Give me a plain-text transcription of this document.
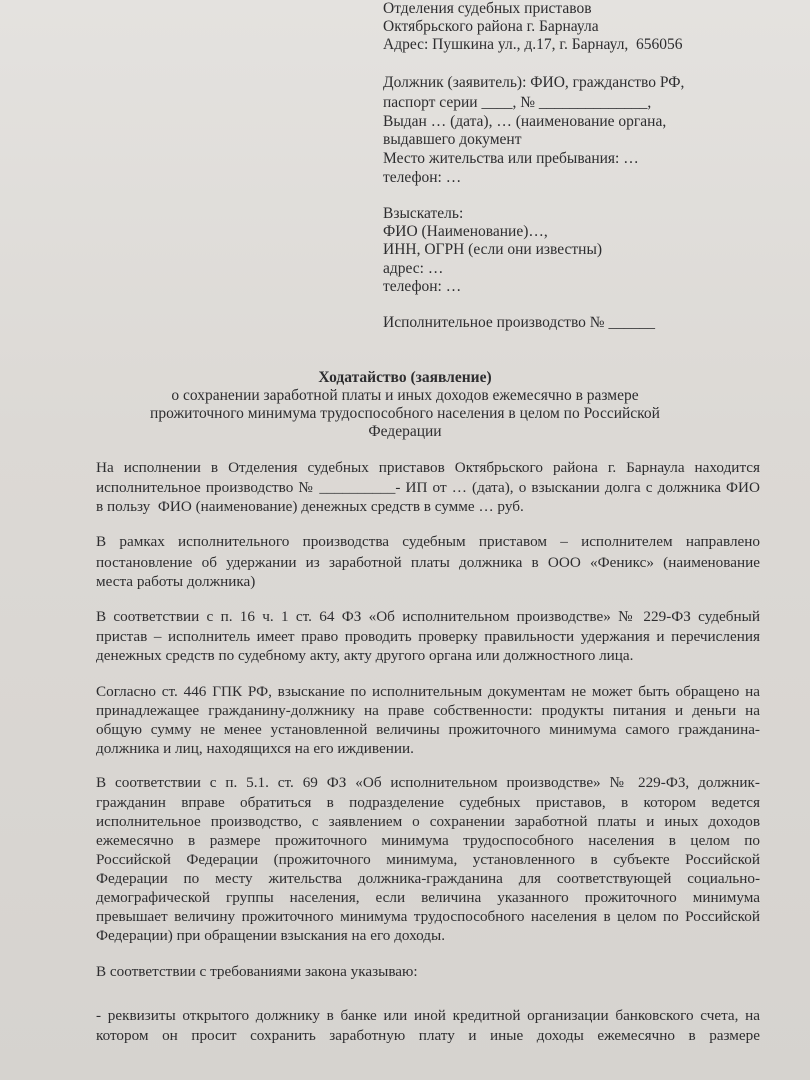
Отделения судебных приставов
Октябрьского района г. Барнаула
Адрес: Пушкина ул., д.17, г. Барнаул,  656056
Должник (заявитель): ФИО, гражданство РФ,
паспорт серии ____, № ______________,
Выдан … (дата), … (наименование органа,
выдавшего документ
Место жительства или пребывания: …
телефон: …
Взыскатель:
ФИО (Наименование)…,
ИНН, ОГРН (если они известны)
адрес: …
телефон: …
Исполнительное производство № ______
Ходатайство (заявление)
о сохранении заработной платы и иных доходов ежемесячно в размере
прожиточного минимума трудоспособного населения в целом по Российской
Федерации
На исполнении в Отделения судебных приставов Октябрьского района г. Барнаула находится
исполнительное производство № __________- ИП от … (дата), о взыскании долга с должника ФИО
в пользу  ФИО (наименование) денежных средств в сумме … руб.
В рамках исполнительного производства судебным приставом – исполнителем направлено
постановление об удержании из заработной платы должника в ООО «Феникс» (наименование
места работы должника)
В соответствии с п. 16 ч. 1 ст. 64 ФЗ «Об исполнительном производстве» № 229-ФЗ судебный
пристав – исполнитель имеет право проводить проверку правильности удержания и перечисления
денежных средств по судебному акту, акту другого органа или должностного лица.
Согласно ст. 446 ГПК РФ, взыскание по исполнительным документам не может быть обращено на
принадлежащее гражданину-должнику на праве собственности: продукты питания и деньги на
общую сумму не менее установленной величины прожиточного минимума самого гражданина-
должника и лиц, находящихся на его иждивении.
В соответствии с п. 5.1. ст. 69 ФЗ «Об исполнительном производстве» № 229-ФЗ, должник-
гражданин вправе обратиться в подразделение судебных приставов, в котором ведется
исполнительное производство, с заявлением о сохранении заработной платы и иных доходов
ежемесячно в размере прожиточного минимума трудоспособного населения в целом по
Российской Федерации (прожиточного минимума, установленного в субъекте Российской
Федерации по месту жительства должника-гражданина для соответствующей социально-
демографической группы населения, если величина указанного прожиточного минимума
превышает величину прожиточного минимума трудоспособного населения в целом по Российской
Федерации) при обращении взыскания на его доходы.
В соответствии с требованиями закона указываю:
- реквизиты открытого должнику в банке или иной кредитной организации банковского счета, на
котором он просит сохранить заработную плату и иные доходы ежемесячно в размере
